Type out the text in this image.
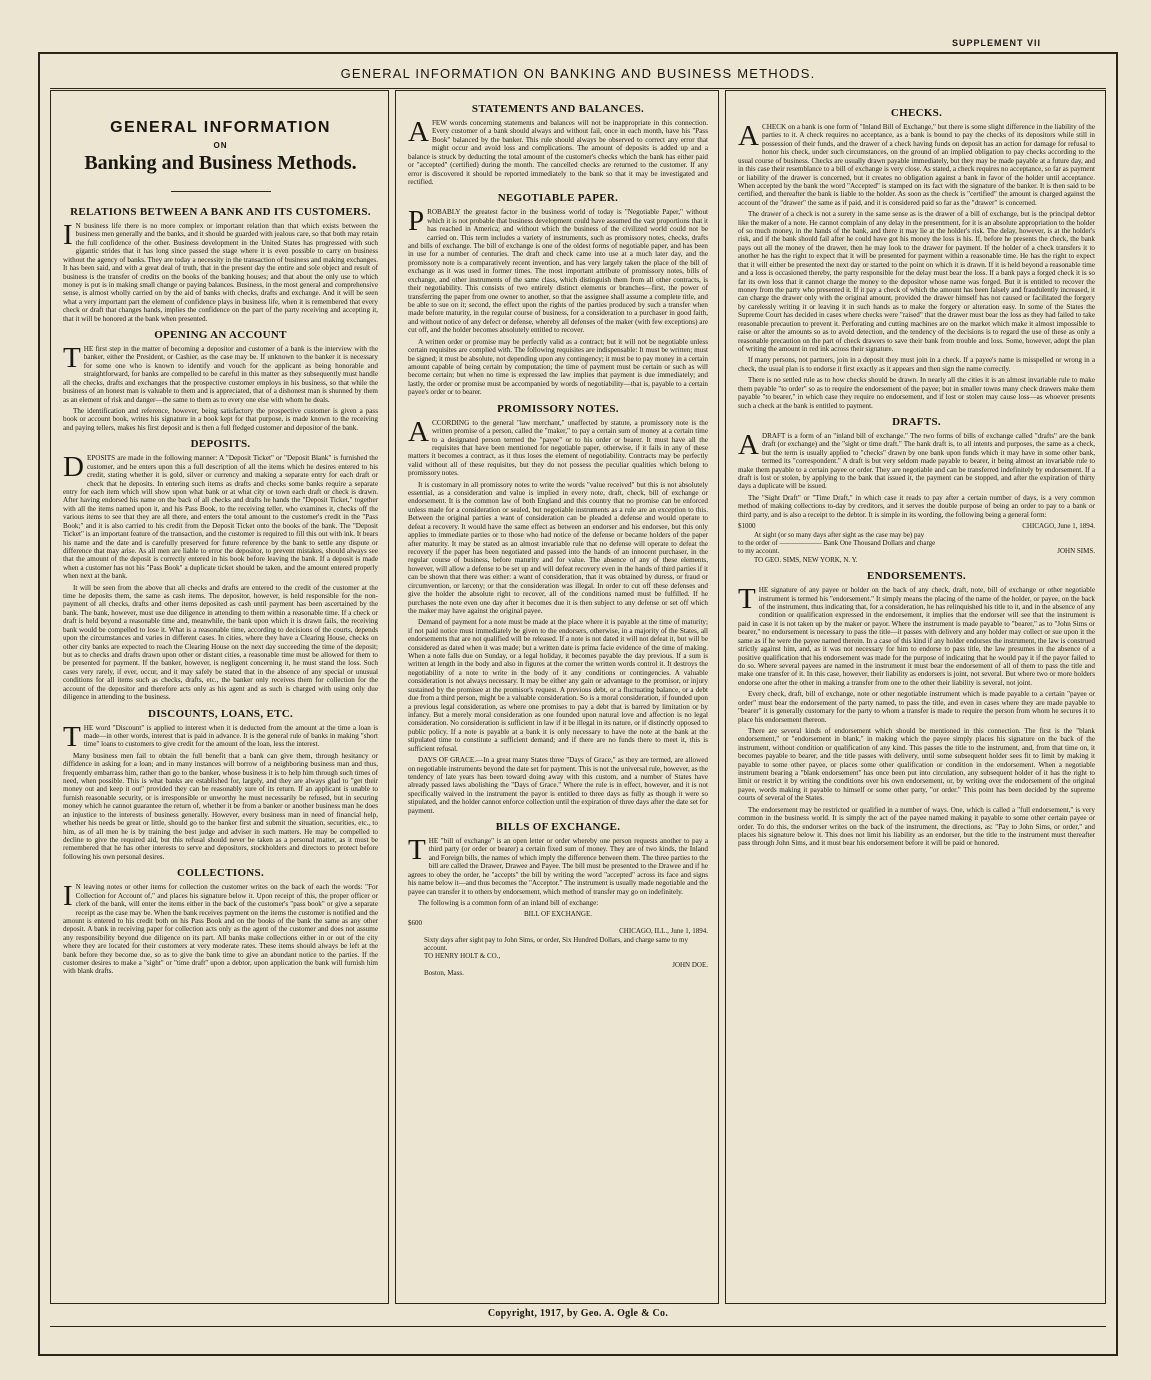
SUPPLEMENT VII
GENERAL INFORMATION ON BANKING AND BUSINESS METHODS.
GENERAL INFORMATION
ON
Banking and Business Methods.
RELATIONS BETWEEN A BANK AND ITS CUSTOMERS.

IN business life there is no more complex or important relation than that which exists between the business men generally and the banks, and it should be guarded with jealous care, so that both may retain the full confidence of the other. Business development in the United States has progressed with such gigantic strides that it has long since passed the stage where it is even possible to carry on business without the agency of banks. They are today a necessity in the transaction of business and making exchanges. It has been said, and with a great deal of truth, that in the present day the entire and sole object and result of business is the transfer of credits on the books of the banking houses; and that about the only use to which money is put is in making small change or paying balances. Business, in the most general and comprehensive sense, is almost wholly carried on by the aid of banks with checks, drafts and exchange. And it will be seen what a very important part the element of confidence plays in business life, when it is remembered that every check or draft that changes hands, implies the confidence on the part of the party receiving and accepting it, that it will be honored at the bank when presented.

OPENING AN ACCOUNT

THE first step in the matter of becoming a depositor and customer of a bank is the interview with the banker, either the President, or Cashier, as the case may be. If unknown to the banker it is necessary for some one who is known to identify and vouch for the applicant as being honorable and straightforward, for banks are compelled to be careful in this matter as they subsequently must handle all the checks, drafts and exchanges that the prospective customer employs in his business, so that while the business of an honest man is valuable to them and is appreciated, that of a dishonest man is shunned by them as an element of risk and danger—the same to them as to every one else with whom he deals.

The identification and reference, however, being satisfactory the prospective customer is given a pass book or account book, writes his signature in a book kept for that purpose, is made known to the receiving and paying tellers, makes his first deposit and is then a full fledged customer and depositor of the bank.

DEPOSITS.

DEPOSITS are made in the following manner: A "Deposit Ticket" or "Deposit Blank" is furnished the customer, and he enters upon this a full description of all the items which he desires entered to his credit, stating whether it is gold, silver or currency and making a separate entry for each draft or check that he deposits. In entering such items as drafts and checks some banks require a separate entry for each item which will show upon what bank or at what city or town each draft or check is drawn. After having endorsed his name on the back of all checks and drafts he hands the "Deposit Ticket," together with all the items named upon it, and his Pass Book, to the receiving teller, who examines it, checks off the various items to see that they are all there, and enters the total amount to the customer's credit in the "Pass Book;" and it is also carried to his credit from the Deposit Ticket onto the books of the bank. The "Deposit Ticket" is an important feature of the transaction, and the customer is required to fill this out with ink. It bears his name and the date and is carefully preserved for future reference by the bank to settle any dispute or difference that may arise. As all men are liable to error the depositor, to prevent mistakes, should always see that the amount of the deposit is correctly entered in his book before leaving the bank. If a deposit is made when a customer has not his "Pass Book" a duplicate ticket should be taken, and the amount entered properly when next at the bank.

It will be seen from the above that all checks and drafts are entered to the credit of the customer at the time he deposits them, the same as cash items. The depositor, however, is held responsible for the non-payment of all checks, drafts and other items deposited as cash until payment has been ascertained by the bank. The bank, however, must use due diligence in attending to them within a reasonable time. If a check or draft is held beyond a reasonable time and, meanwhile, the bank upon which it is drawn fails, the receiving bank would be compelled to lose it. What is a reasonable time, according to decisions of the courts, depends upon the circumstances and varies in different cases. In cities, where they have a Clearing House, checks on other city banks are expected to reach the Clearing House on the next day succeeding the time of the deposit; but as to checks and drafts drawn upon other or distant cities, a reasonable time must be allowed for them to be presented for payment. If the banker, however, is negligent concerning it, he must stand the loss. Such cases very rarely, if ever, occur, and it may safely be stated that in the absence of any special or unusual conditions for all items such as checks, drafts, etc., the banker only receives them for collection for the account of the depositor and therefore acts only as his agent and as such is charged with using only due diligence in attending to the business.

DISCOUNTS, LOANS, ETC.

THE word "Discount" is applied to interest when it is deducted from the amount at the time a loan is made—in other words, interest that is paid in advance. It is the general rule of banks in making "short time" loans to customers to give credit for the amount of the loan, less the interest.

Many business men fail to obtain the full benefit that a bank can give them, through hesitancy or diffidence in asking for a loan; and in many instances will borrow of a neighboring business man and thus, frequently embarrass him, rather than go to the banker, whose business it is to help him through such times of need, when possible. This is what banks are established for, largely, and they are always glad to "get their money out and keep it out" provided they can be reasonably sure of its return. If an applicant is unable to furnish reasonable security, or is irresponsible or unworthy he must necessarily be refused, but in securing money which he cannot guarantee the return of, whether it be from a banker or another business man he does an injustice to the interests of business generally. However, every business man in need of financial help, whether his needs be great or little, should go to the banker first and submit the situation, securities, etc., to him, as of all men he is by training the best judge and adviser in such matters. He may be compelled to decline to give the required aid, but this refusal should never be taken as a personal matter, as it must be remembered that he has other interests to serve and depositors, stockholders and directors to protect before following his own personal desires.

COLLECTIONS.

IN leaving notes or other items for collection the customer writes on the back of each the words: "For Collection for Account of," and places his signature below it. Upon receipt of this, the proper officer or clerk of the bank, will enter the items either in the back of the customer's "pass book" or give a separate receipt as the case may be. When the bank receives payment on the items the customer is notified and the amount is entered to his credit both on his Pass Book and on the books of the bank the same as any other deposit. A bank in receiving paper for collection acts only as the agent of the customer and does not assume any responsibility beyond due diligence on its part. All banks make collections either in or out of the city where they are located for their customers at very moderate rates. These items should always be left at the bank before they become due, so as to give the bank time to give an abundant notice to the parties. If the customer desires to make a "sight" or "time draft" upon a debtor, upon application the bank will furnish him with blank drafts.

STATEMENTS AND BALANCES.

AFEW words concerning statements and balances will not be inappropriate in this connection. Every customer of a bank should always and without fail, once in each month, have his "Pass Book" balanced by the banker. This rule should always be observed to correct any error that might occur and avoid loss and complications. The amount of deposits is added up and a balance is struck by deducting the total amount of the customer's checks which the bank has either paid or "accepted" (certified) during the month. The cancelled checks are returned to the customer. If any error is discovered it should be reported immediately to the bank so that it may be investigated and rectified.

NEGOTIABLE PAPER.

PROBABLY the greatest factor in the business world of today is "Negotiable Paper," without which it is not probable that business development could have assumed the vast proportions that it has reached in America; and without which the business of the civilized world could not be carried on. This term includes a variety of instruments, such as promissory notes, checks, drafts and bills of exchange. The bill of exchange is one of the oldest forms of negotiable paper, and has been in use for a number of centuries. The draft and check came into use at a much later day, and the promissory note is a comparatively recent invention, and has very largely taken the place of the bill of exchange as it was used in former times. The most important attribute of promissory notes, bills of exchange, and other instruments of the same class, which distinguish them from all other contracts, is their negotiability. This consists of two entirely distinct elements or branches—first, the power of transferring the paper from one owner to another, so that the assignee shall assume a complete title, and be able to sue on it; second, the effect upon the rights of the parties produced by such a transfer when made before maturity, in the regular course of business, for a consideration to a purchaser in good faith, and without notice of any defect or defense, whereby all defenses of the maker (with few exceptions) are cut off, and the holder becomes absolutely entitled to recover.

A written order or promise may be perfectly valid as a contract; but it will not be negotiable unless certain requisites are complied with. The following requisites are indispensable: It must be written; must be signed; it must be absolute, not depending upon any contingency; it must be to pay money in a certain amount capable of being certain by computation; the time of payment must be certain or such as will become certain; but when no time is expressed the law implies that payment is due immediately; and lastly, the order or promise must be accompanied by words of negotiability—that is, payable to a certain payee's order or to bearer.

PROMISSORY NOTES.

ACCORDING to the general "law merchant," unaffected by statute, a promissory note is the written promise of a person, called the "maker," to pay a certain sum of money at a certain time to a designated person termed the "payee" or to his order or bearer. It must have all the requisites that have been mentioned for negotiable paper, otherwise, if it fails in any of these matters it becomes a contract, as it thus loses the element of negotiability. Contracts may be perfectly valid without all of these requisites, but they do not possess the peculiar qualities which belong to promissory notes.

It is customary in all promissory notes to write the words "value received" but this is not absolutely essential, as a consideration and value is implied in every note, draft, check, bill of exchange or endorsement. It is the common law of both England and this country that no promise can be enforced unless made for a consideration or sealed, but negotiable instruments as a rule are an exception to this. Between the original parties a want of consideration can be pleaded a defense and would operate to defeat a recovery. It would have the same effect as between an endorser and his endorsee, but this only applies to immediate parties or to those who had notice of the defense or became holders of the paper after maturity. It may be stated as an almost invariable rule that no defense will operate to defeat the recovery if the paper has been negotiated and passed into the hands of an innocent purchaser, in the regular course of business, before maturity and for value. The absence of any of these elements, however, will allow a defense to be set up and will defeat recovery even in the hands of third parties if it can be shown that there was either: a want of consideration, that it was obtained by duress, or fraud or circumvention, or larceny; or that the consideration was illegal. In order to cut off these defenses and give the holder the absolute right to recover, all of the conditions named must be fulfilled. If he purchases the note even one day after it becomes due it is then subject to any defense or set off which the maker may have against the original payee.

Demand of payment for a note must be made at the place where it is payable at the time of maturity; if not paid notice must immediately be given to the endorsers, otherwise, in a majority of the States, all endorsements that are not qualified will be released. If a note is not dated it will not defeat it, but will be considered as dated when it was made; but a written date is prima facie evidence of the time of making. When a note falls due on Sunday, or a legal holiday, it becomes payable the day previous. If a sum is written at length in the body and also in figures at the corner the written words control it. It destroys the negotiability of a note to write in the body of it any conditions or contingencies. A valuable consideration is not always necessary. It may be either any gain or advantage to the promisor, or injury sustained by the promisee at the promisor's request. A previous debt, or a fluctuating balance, or a debt due from a third person, might be a valuable consideration. So is a moral consideration, if founded upon a previous legal consideration, as where one promises to pay a debt that is barred by limitation or by infancy. But a merely moral consideration as one founded upon natural love and affection is no legal consideration. No consideration is sufficient in law if it be illegal in its nature, or if distinctly opposed to public policy. If a note is payable at a bank it is only necessary to have the note at the bank at the stipulated time to constitute a sufficient demand; and if there are no funds there to meet it, this is sufficient refusal.

DAYS OF GRACE.—In a great many States three "Days of Grace," as they are termed, are allowed on negotiable instruments beyond the date set for payment. This is not the universal rule, however, as the tendency of late years has been toward doing away with this custom, and a number of States have already passed laws abolishing the "Days of Grace." Where the rule is in effect, however, and it is not specifically waived in the instrument the payor is entitled to three days as fully as though it were so stipulated, and the holder cannot enforce collection until the expiration of three days after the date set for payment.

BILLS OF EXCHANGE.

THE "bill of exchange" is an open letter or order whereby one person requests another to pay a third party (or order or bearer) a certain fixed sum of money. They are of two kinds, the Inland and Foreign bills, the names of which imply the difference between them. The three parties to the bill are called the Drawer, Drawee and Payee. The bill must be presented to the Drawee and if he agrees to obey the order, he "accepts" the bill by writing the word "accepted" across its face and signs his name below it—and thus becomes the "Acceptor." The instrument is usually made negotiable and the payee can transfer it to others by endorsement, which method of transfer may go on indefinitely.

The following is a common form of an inland bill of exchange:

BILL OF EXCHANGE.
$600
CHICAGO, ILL., June 1, 1894.
Sixty days after sight pay to John Sims, or order, Six Hundred Dollars, and charge same to my account.
TO HENRY HOLT & CO.,
JOHN DOE.
Boston, Mass.
CHECKS.

ACHECK on a bank is one form of "Inland Bill of Exchange," but there is some slight difference in the liability of the parties to it. A check requires no acceptance, as a bank is bound to pay the checks of its depositors while still in possession of their funds, and the drawer of a check having funds on deposit has an action for damage for refusal to honor his check, under such circumstances, on the ground of an implied obligation to pay checks according to the usual course of business. Checks are usually drawn payable immediately, but they may be made payable at a future day, and in this case their resemblance to a bill of exchange is very close. As stated, a check requires no acceptance, so far as payment or liability of the drawer is concerned, but it creates no obligation against a bank in favor of the holder until acceptance. When accepted by the bank the word "Accepted" is stamped on its fact with the signature of the banker. It is then said to be certified, and thereafter the bank is liable to the holder. As soon as the check is "certified" the amount is charged against the account of the "drawer" the same as if paid, and it is considered paid so far as the "drawer" is concerned.

The drawer of a check is not a surety in the same sense as is the drawer of a bill of exchange, but is the principal debtor like the maker of a note. He cannot complain of any delay in the presentment, for it is an absolute appropriation to the holder of so much money, in the hands of the bank, and there it may lie at the holder's risk. The delay, however, is at the holder's risk, and if the bank should fail after he could have got his money the loss is his. If, before he presents the check, the bank pays out all the money of the drawer, then he may look to the drawer for payment. If the holder of a check transfers it to another he has the right to expect that it will be presented for payment within a reasonable time. He has the right to expect that it will either be presented the next day or started to the point on which it is drawn. If it is held beyond a reasonable time and a loss is occasioned thereby, the party responsible for the delay must bear the loss. If a bank pays a forged check it is so far its own loss that it cannot charge the money to the depositor whose name was forged. But it is entitled to recover the money from the party who presented it. If it pay a check of which the amount has been falsely and fraudulently increased, it can charge the drawer only with the original amount, provided the drawer himself has not caused or facilitated the forgery by carelessly writing it or leaving it in such hands as to make the forgery or alteration easy. In some of the States the Supreme Court has decided in cases where checks were "raised" that the drawer must bear the loss as they had failed to take reasonable precaution to prevent it. Perforating and cutting machines are on the market which make it almost impossible to raise or alter the amounts so as to avoid detection, and the tendency of the decisions is to regard the use of these as only a reasonable precaution on the part of check drawers to save their bank from trouble and loss. Some, however, adopt the plan of writing the amount in red ink across their signature.

If many persons, not partners, join in a deposit they must join in a check. If a payee's name is misspelled or wrong in a check, the usual plan is to endorse it first exactly as it appears and then sign the name correctly.

There is no settled rule as to how checks should be drawn. In nearly all the cities it is an almost invariable rule to make them payable "to order" so as to require the endorsement of the payee; but in smaller towns many check drawers make them payable "to bearer," in which case they require no endorsement, and if lost or stolen may cause loss—as whoever presents such a check at the bank is entitled to payment.

DRAFTS.

ADRAFT is a form of an "inland bill of exchange." The two forms of bills of exchange called "drafts" are the bank draft (or exchange) and the "sight or time draft." The bank draft is, to all intents and purposes, the same as a check, but the term is usually applied to "checks" drawn by one bank upon funds which it may have in some other bank, termed its "correspondent." A draft is but very seldom made payable to bearer, it being almost an invariable rule to make them payable to a certain payee or order. They are negotiable and can be transferred indefinitely by endorsement. If a draft is lost or stolen, by applying to the bank that issued it, the payment can be stopped, and after the expiration of thirty days a duplicate will be issued.

The "Sight Draft" or "Time Draft," in which case it reads to pay after a certain number of days, is a very common method of making collections to-day by creditors, and it serves the double purpose of being an order to pay to a bank or third party, and is also a receipt to the debtor. It is simple in its wording, the following being a general form:

$1000	CHICAGO, June 1, 1894.
At sight (or so many days after sight as the case may be) pay
to the order of ―――――― Bank One Thousand Dollars and charge
to my account.	JOHN SIMS.
TO GEO. SIMS, NEW YORK, N. Y.
ENDORSEMENTS.

THE signature of any payee or holder on the back of any check, draft, note, bill of exchange or other negotiable instrument is termed his "endorsement." It simply means the placing of the name of the holder, or payee, on the back of the instrument, thus indicating that, for a consideration, he has relinquished his title to it, and in the absence of any condition or qualification expressed in the endorsement, it implies that the endorser will see that the instrument is paid in case it is not taken up by the maker or payor. Where the instrument is made payable to "bearer," as to "John Sims or bearer," no endorsement is necessary to pass the title—it passes with delivery and any holder may collect or sue upon it the same as if he were the payee named therein. In a case of this kind if any holder endorses the instrument, the law is construed strictly against him, and, as it was not necessary for him to endorse to pass title, the law presumes in the absence of a positive qualification that his endorsement was made for the purpose of indicating that he would pay it if the payor failed to do so. Where several payees are named in the instrument it must bear the endorsement of all of them to pass the title and make one transfer of it. In this case, however, their liability as endorsers is joint, not several. But where two or more holders endorse one after the other in making a transfer from one to the other their liability is several, not joint.

Every check, draft, bill of exchange, note or other negotiable instrument which is made payable to a certain "payee or order" must bear the endorsement of the party named, to pass the title, and even in cases where they are made payable to "bearer" it is generally customary for the party to whom a transfer is made to require the person from whom he secures it to place his endorsement thereon.

There are several kinds of endorsement which should be mentioned in this connection. The first is the "blank endorsement," or "endorsement in blank," in making which the payee simply places his signature on the back of the instrument, without condition or qualification of any kind. This passes the title to the instrument, and, from that time on, it becomes payable to bearer, and the title passes with delivery, until some subsequent holder sees fit to limit by making it payable to some other payee, or places some other qualification or condition in the endorsement. When a negotiable instrument bearing a "blank endorsement" has once been put into circulation, any subsequent holder of it has the right to limit or restrict it by writing the conditions over his own endorsement, or, by writing over the endorsement of the original payee, words making it payable to himself or some other party, "or order." This point has been decided by the supreme courts of several of the States.

The endorsement may be restricted or qualified in a number of ways. One, which is called a "full endorsement," is very common in the business world. It is simply the act of the payee named making it payable to some other certain payee or order. To do this, the endorser writes on the back of the instrument, the directions, as: "Pay to John Sims, or order," and places his signature below it. This does not limit his liability as an endorser, but the title to the instrument must thereafter pass through John Sims, and it must bear his endorsement before it will be paid or honored.

Copyright, 1917, by Geo. A. Ogle & Co.
